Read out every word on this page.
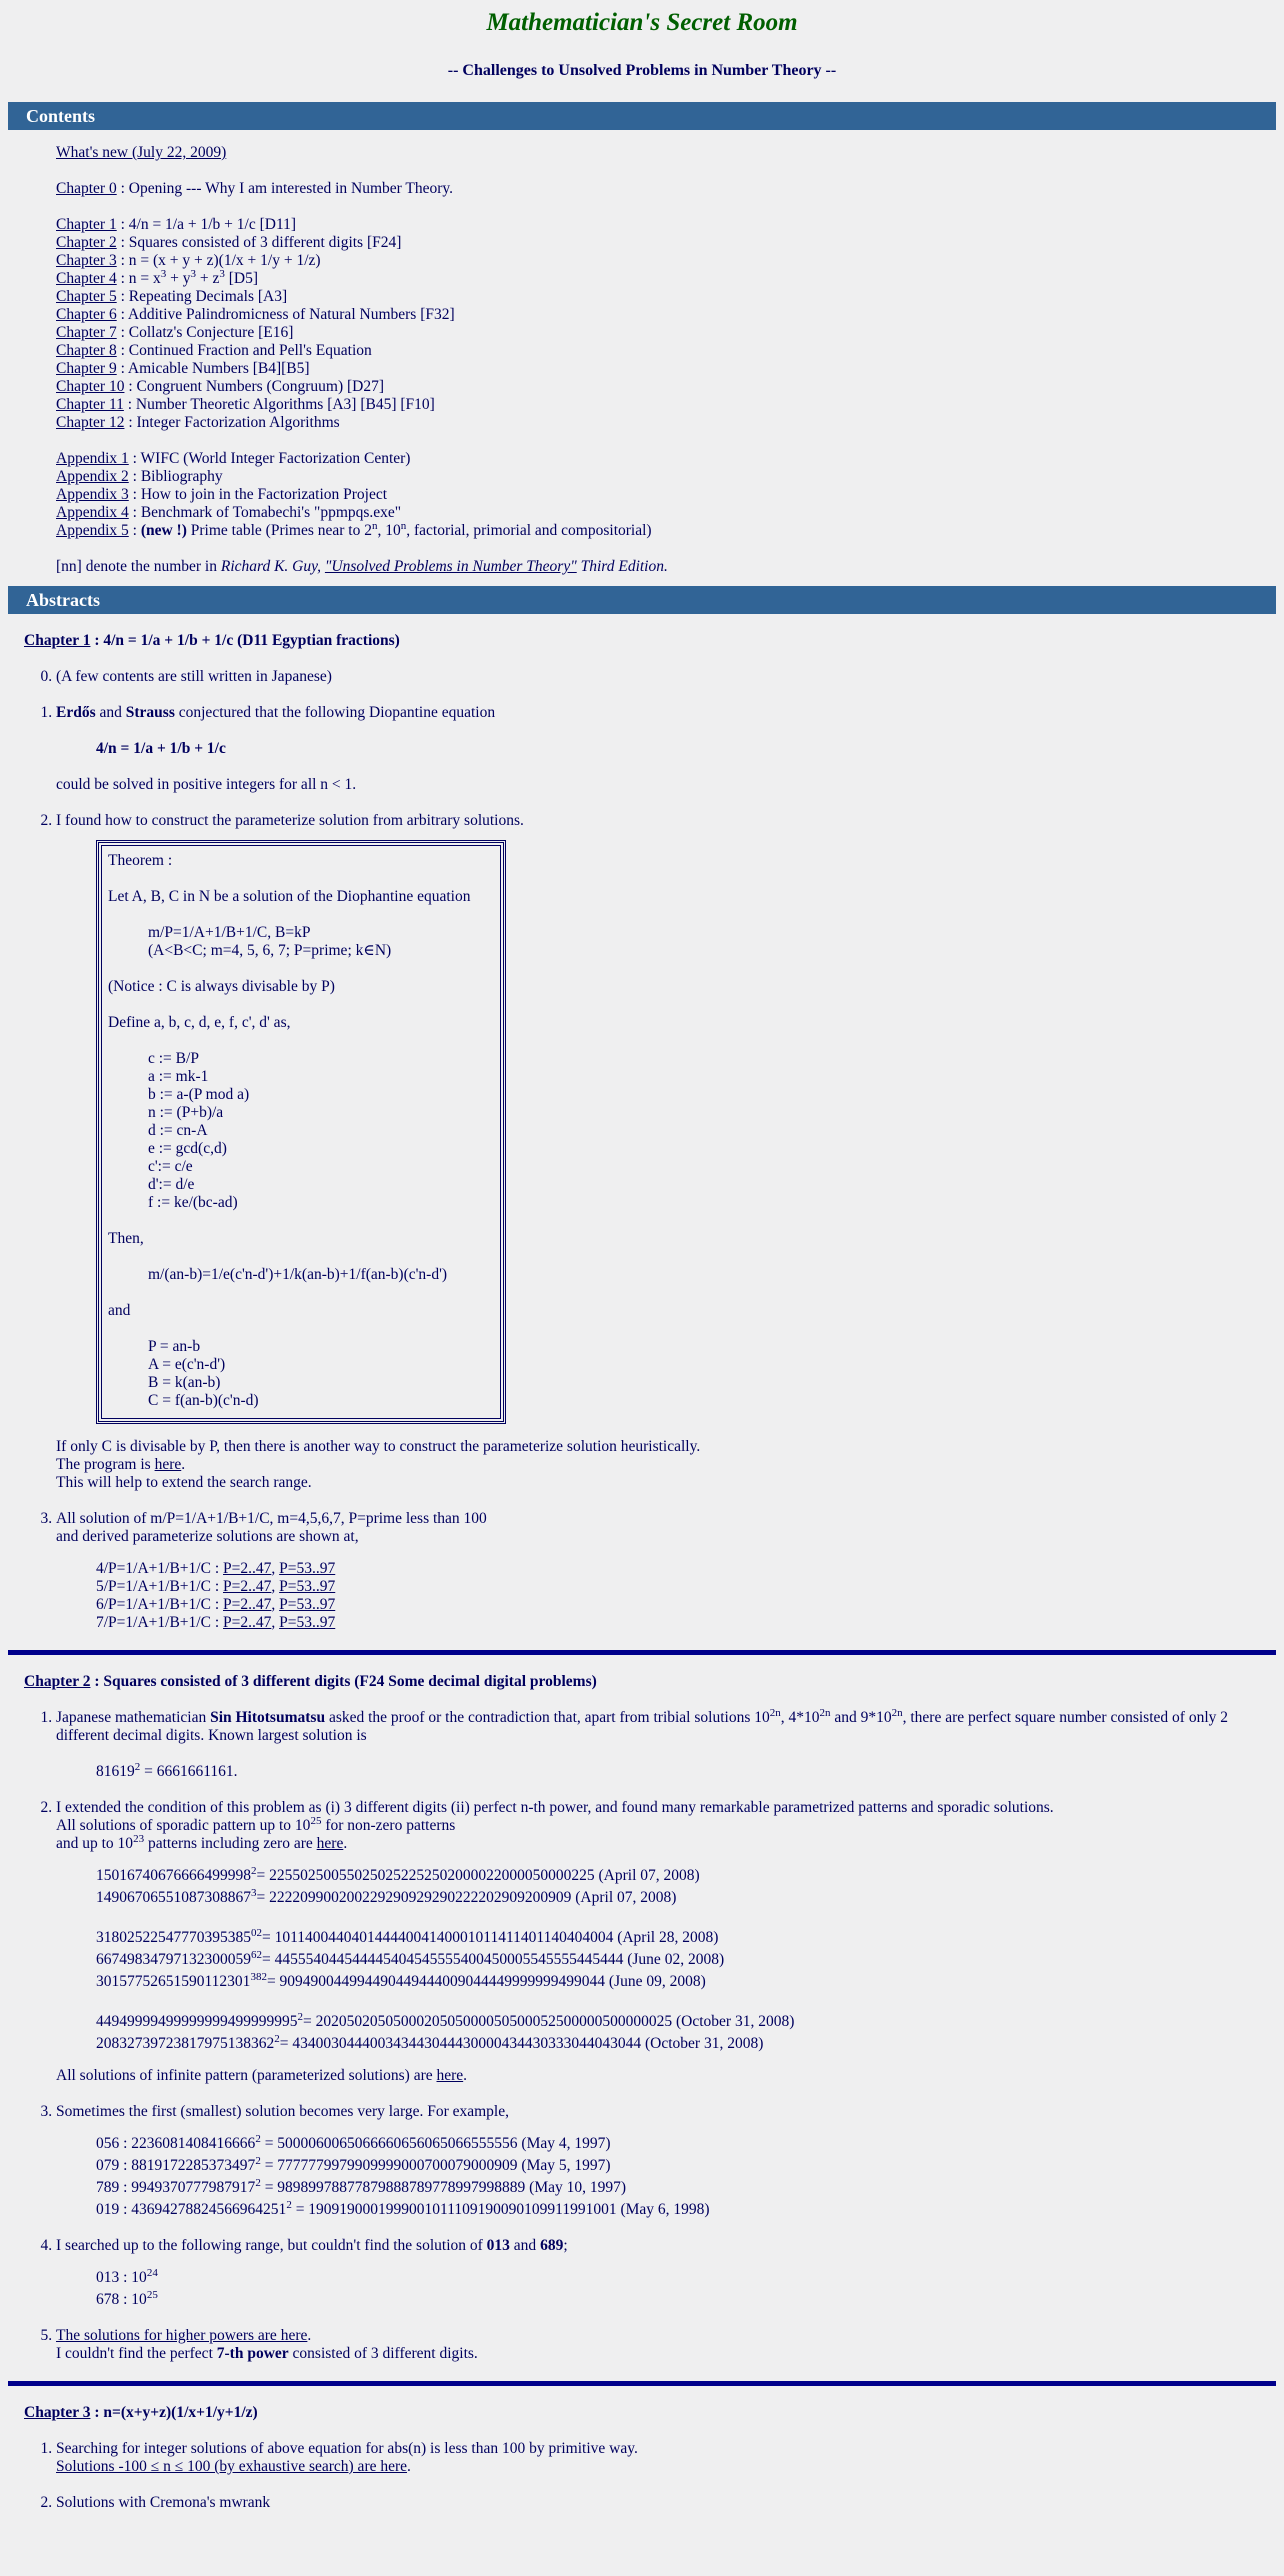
Mathematician's Secret Room
-- Challenges to Unsolved Problems in Number Theory --
Contents
What's new (July 22, 2009)
Chapter 0 : Opening --- Why I am interested in Number Theory.
Chapter 1 : 4/n = 1/a + 1/b + 1/c [D11]
Chapter 2 : Squares consisted of 3 different digits [F24]
Chapter 3 : n = (x + y + z)(1/x + 1/y + 1/z)
Chapter 4 : $n = x^3 + y^3 + z^3$ [D5]
Chapter 5 : Repeating Decimals [A3]
Chapter 6 : Additive Palindromicness of Natural Numbers [F32]
Chapter 7 : Collatz's Conjecture [E16]
Chapter 8 : Continued Fraction and Pell's Equation
Chapter 9 : Amicable Numbers [B4][B5]
Chapter 10 : Congruent Numbers (Congruum) [D27]
Chapter 11 : Number Theoretic Algorithms [A3] [B45] [F10]
Chapter 12 : Integer Factorization Algorithms
Appendix 1 : WIFC (World Integer Factorization Center)
Appendix 2 : Bibliography
Appendix 3 : How to join in the Factorization Project
Appendix 4 : Benchmark of Tomabechi's "ppmpqs.exe"
Appendix 5 : (new !) Prime table (Primes near to 2$^n$, 10$^n$, factorial, primorial and compositorial)
[nn] denote the number in Richard K. Guy, "Unsolved Problems in Number Theory" Third Edition.
Abstracts
Chapter 1 : 4/n = 1/a + 1/b + 1/c (D11 Egyptian fractions)
0. (A few contents are still written in Japanese)
1. Erdős and Strauss conjectured that the following Diopantine equation
4/n = 1/a + 1/b + 1/c
could be solved in positive integers for all n < 1.
2. I found how to construct the parameterize solution from arbitrary solutions.
Theorem :
Let A, B, C in N be a solution of the Diophantine equation
m/P=1/A+1/B+1/C, B=kP
(A<B<C; m=4, 5, 6, 7; P=prime; k∈N)
(Notice : C is always divisable by P)
Define a, b, c, d, e, f, c', d' as,
c := B/P
a := mk-1
b := a-(P mod a)
n := (P+b)/a
d := cn-A
e := gcd(c,d)
c':= c/e
d':= d/e
f := ke/(bc-ad)
Then,
m/(an-b)=1/e(c'n-d')+1/k(an-b)+1/f(an-b)(c'n-d')
and
P = an-b
A = e(c'n-d')
B = k(an-b)
C = f(an-b)(c'n-d)
If only C is divisable by P, then there is another way to construct the parameterize solution heuristically.
The program is here.
This will help to extend the search range.
3. All solution of m/P=1/A+1/B+1/C, m=4,5,6,7, P=prime less than 100
and derived parameterize solutions are shown at,
4/P=1/A+1/B+1/C : P=2..47, P=53..97
5/P=1/A+1/B+1/C : P=2..47, P=53..97
6/P=1/A+1/B+1/C : P=2..47, P=53..97
7/P=1/A+1/B+1/C : P=2..47, P=53..97
Chapter 2 : Squares consisted of 3 different digits (F24 Some decimal digital problems)
1. Japanese mathematician Sin Hitotsumatsu asked the proof or the contradiction that, apart from tribial solutions $10^{2n}$, $4*10^{2n}$ and $9*10^{2n}$, there are perfect square number consisted of only 2
different decimal digits. Known largest solution is
$81619^2 = 6661661161$.
2. I extended the condition of this problem as (i) 3 different digits (ii) perfect n-th power, and found many remarkable parametrized patterns and sporadic solutions.
All solutions of sporadic pattern up to $10^{25}$ for non-zero patterns
and up to $10^{23}$ patterns including zero are here.
$15016740676666499998^2= 225502500550250252252502000022000050000225$ (April 07, 2008)
$14906706551087308867^3= 222209900200229290929290222202909200909$ (April 07, 2008)
$31802522547770395385^{02}= 10114004404014444004140001011411401140404004$ (April 28, 2008)
$66749834797132300059^{62}= 445554044544445404545555400450005545555445444$ (June 02, 2008)
$30157752651590112301^{382}= 909490044994490449444009044449999999499044$ (June 09, 2008)
$44949999499999999499999995^2= 2020502050500020505000050500052500000500000025$ (October 31, 2008)
$20832739723817975138362^2= 434003044400343443044430000434430333044043044$ (October 31, 2008)
All solutions of infinite pattern (parameterized solutions) are here.
3. Sometimes the first (smallest) solution becomes very large. For example,
056 : $2236081408416666^2 = 5000060065066660656065066555556$ (May 4, 1997)
079 : $8819172285373497^2 = 7777779979909999000700079000909$ (May 5, 1997)
789 : $9949370777987917^2 = 98989978877879888789778997998889$ (May 10, 1997)
019 : $43694278824566964251^2 = 1909190001999001011109190090109911991001$ (May 6, 1998)
4. I searched up to the following range, but couldn't find the solution of 013 and 689;
013 : $10^{24}$
678 : $10^{25}$
5. The solutions for higher powers are here.
I couldn't find the perfect 7-th power consisted of 3 different digits.
Chapter 3 : n=(x+y+z)(1/x+1/y+1/z)
1. Searching for integer solutions of above equation for abs(n) is less than 100 by primitive way.
Solutions -100 ≤ n ≤ 100 (by exhaustive search) are here.
2. Solutions with Cremona's mwrank
